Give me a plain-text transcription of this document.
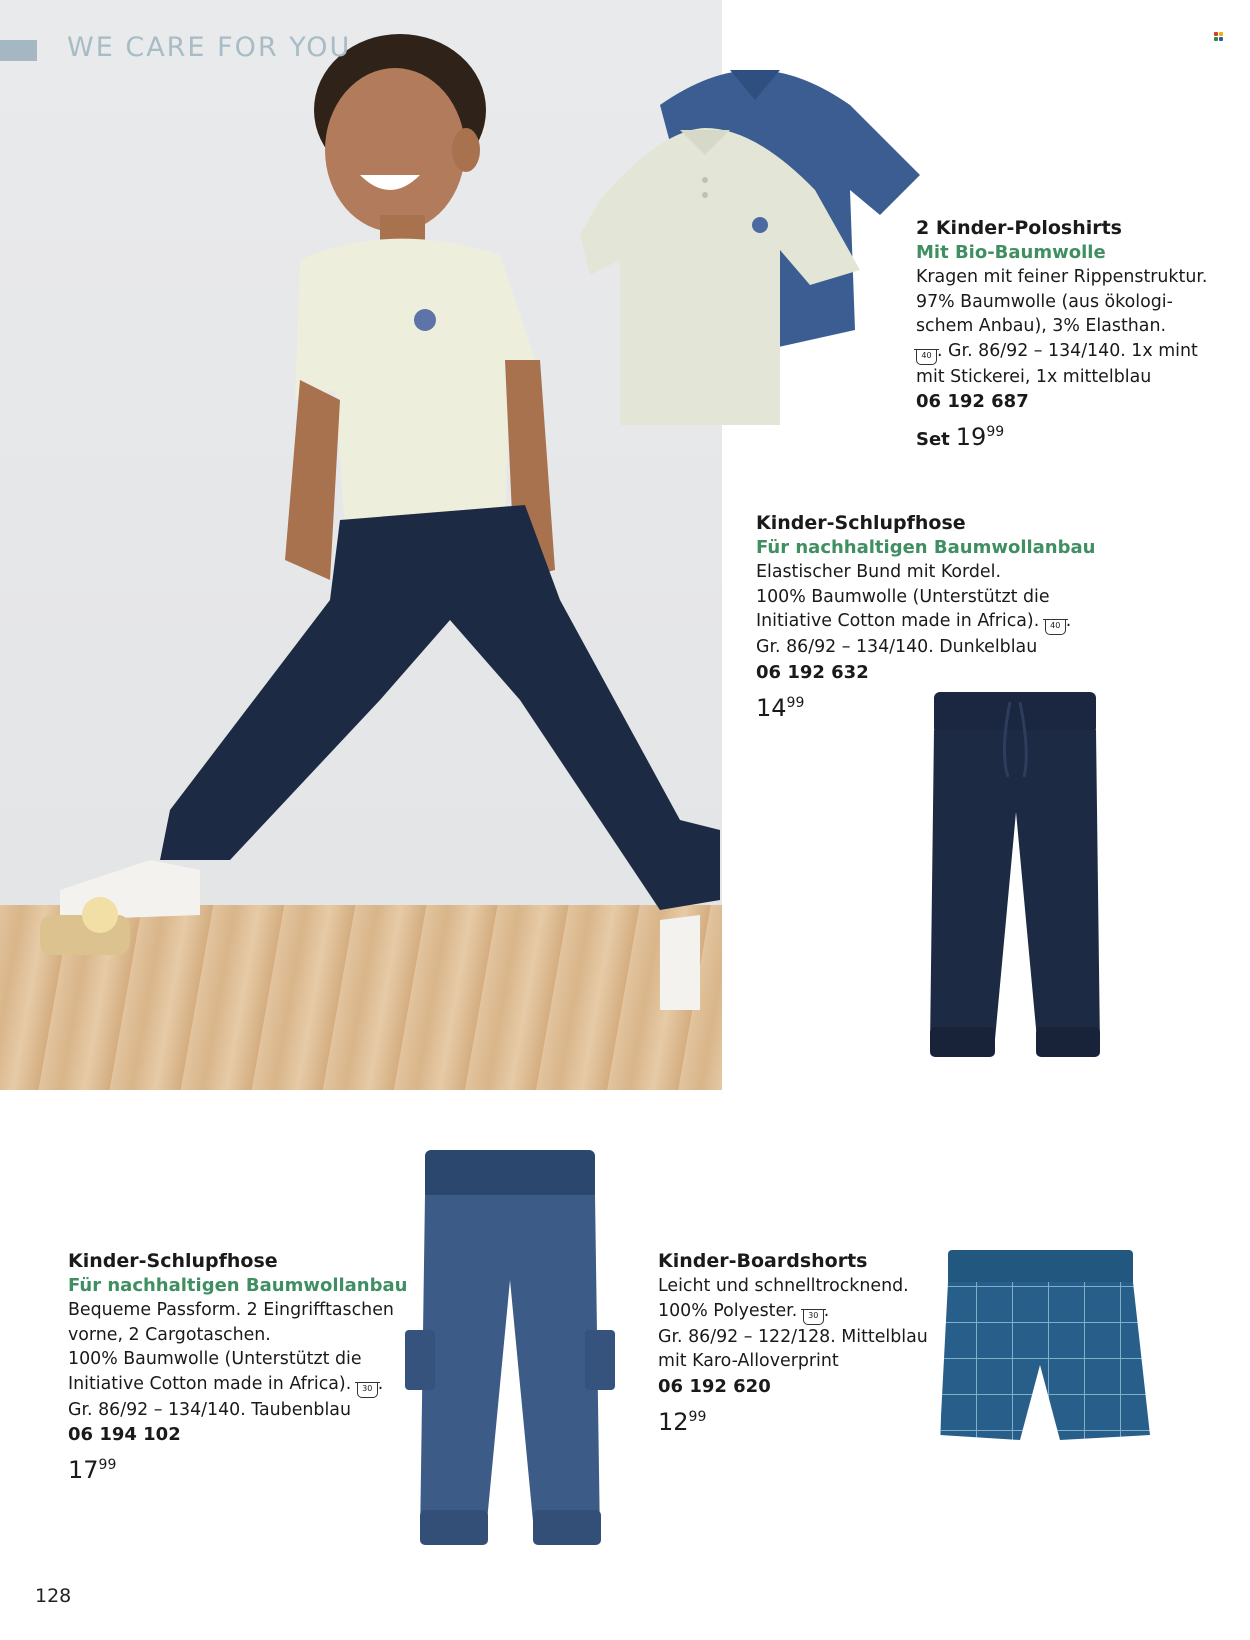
WE CARE FOR YOU
2 Kinder-Poloshirts
Mit Bio-Baumwolle
Kragen mit feiner Rippenstruktur.
97% Baumwolle (aus ökologi-
schem Anbau), 3% Elasthan.
40 . Gr. 86/92 – 134/140. 1x mint
mit Stickerei, 1x mittelblau
06 192 687
Set $19^{99}$
Kinder-Schlupfhose
Für nachhaltigen Baumwollanbau
Elastischer Bund mit Kordel.
100% Baumwolle (Unterstützt die
Initiative Cotton made in Africa). 40 .
Gr. 86/92 – 134/140. Dunkelblau
06 192 632
$14^{99}$
Kinder-Schlupfhose
Für nachhaltigen Baumwollanbau
Bequeme Passform. 2 Eingrifftaschen
vorne, 2 Cargotaschen.
100% Baumwolle (Unterstützt die
Initiative Cotton made in Africa). 30 .
Gr. 86/92 – 134/140. Taubenblau
06 194 102
$17^{99}$
Kinder-Boardshorts
Leicht und schnelltrocknend.
100% Polyester. 30 .
Gr. 86/92 – 122/128. Mittelblau
mit Karo-Alloverprint
06 192 620
$12^{99}$
128
